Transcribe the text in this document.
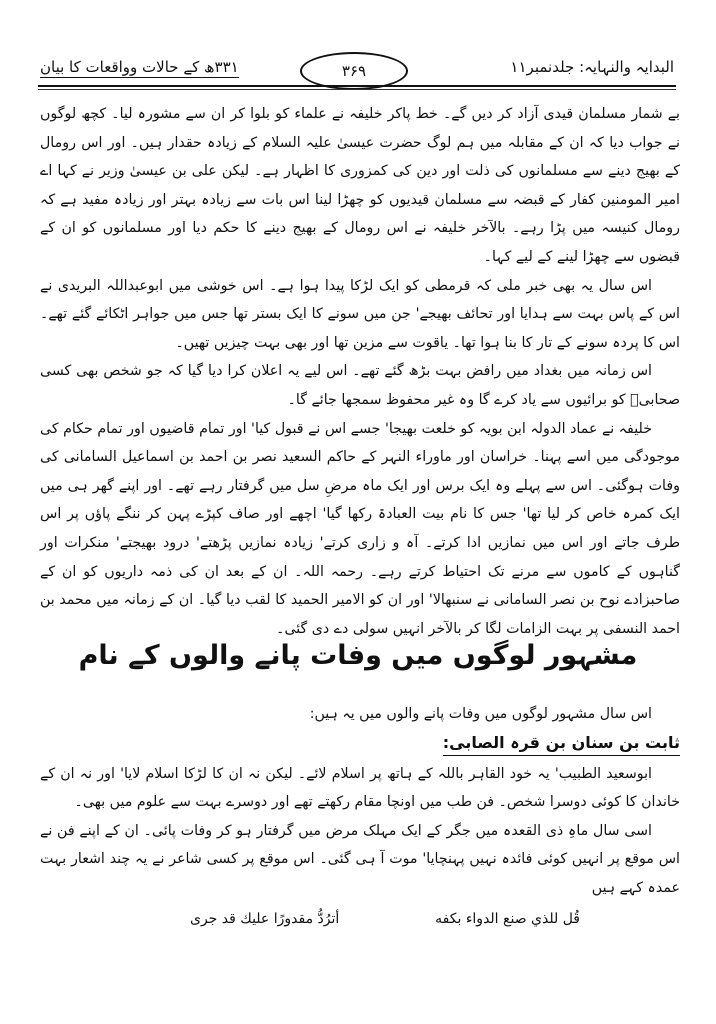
۳۳۱ھ کے حالات وواقعات کا بیان	۳۶۹	البدایہ والنہایہ: جلدنمبر۱۱

بے شمار مسلمان قیدی آزاد کر دیں گے۔ خط پاکر خلیفہ نے علماء کو بلوا کر ان سے مشورہ لیا۔ کچھ لوگوں نے جواب دیا کہ ان کے مقابلہ میں ہم لوگ حضرت عیسیٰ علیہ السلام کے زیادہ حقدار ہیں۔ اور اس رومال کے بھیج دینے سے مسلمانوں کی ذلت اور دین کی کمزوری کا اظہار ہے۔ لیکن علی بن عیسیٰ وزیر نے کہا اے امیر المومنین کفار کے قبضہ سے مسلمان قیدیوں کو چھڑا لینا اس بات سے زیادہ بہتر اور زیادہ مفید ہے کہ رومال کنیسہ میں پڑا رہے۔ بالآخر خلیفہ نے اس رومال کے بھیج دینے کا حکم دیا اور مسلمانوں کو ان کے قبضوں سے چھڑا لینے کے لیے کہا۔

اس سال یہ بھی خبر ملی کہ قرمطی کو ایک لڑکا پیدا ہوا ہے۔ اس خوشی میں ابوعبداللہ البریدی نے اس کے پاس بہت سے ہدایا اور تحائف بھیجے' جن میں سونے کا ایک بستر تھا جس میں جواہر اٹکائے گئے تھے۔ اس کا پردہ سونے کے تار کا بنا ہوا تھا۔ یاقوت سے مزین تھا اور بھی بہت چیزیں تھیں۔

اس زمانہ میں بغداد میں رافض بہت بڑھ گئے تھے۔ اس لیے یہ اعلان کرا دیا گیا کہ جو شخص بھی کسی صحابیؓ کو برائیوں سے یاد کرے گا وہ غیر محفوظ سمجھا جائے گا۔

خلیفہ نے عماد الدولہ ابن بویہ کو خلعت بھیجا' جسے اس نے قبول کیا' اور تمام قاضیوں اور تمام حکام کی موجودگی میں اسے پہنا۔ خراسان اور ماوراء النہر کے حاکم السعید نصر بن احمد بن اسماعیل السامانی کی وفات ہوگئی۔ اس سے پہلے وہ ایک برس اور ایک ماہ مرضِ سل میں گرفتار رہے تھے۔ اور اپنے گھر ہی میں ایک کمرہ خاص کر لیا تھا' جس کا نام بیت العبادۃ رکھا گیا' اچھے اور صاف کپڑے پہن کر ننگے پاؤں پر اس طرف جاتے اور اس میں نمازیں ادا کرتے۔ آہ و زاری کرتے' زیادہ نمازیں پڑھتے' درود بھیجتے' منکرات اور گناہوں کے کاموں سے مرنے تک احتیاط کرتے رہے۔ رحمہ اللہ۔ ان کے بعد ان کی ذمہ داریوں کو ان کے صاحبزادے نوح بن نصر السامانی نے سنبھالا' اور ان کو الامیر الحمید کا لقب دیا گیا۔ ان کے زمانہ میں محمد بن احمد النسفی پر بہت الزامات لگا کر بالآخر انہیں سولی دے دی گئی۔

مشہور لوگوں میں وفات پانے والوں کے نام

اس سال مشہور لوگوں میں وفات پانے والوں میں یہ ہیں:

ثابت بن سنان بن قرہ الصابی:

ابوسعید الطبیب' یہ خود القاہر باللہ کے ہاتھ پر اسلام لائے۔ لیکن نہ ان کا لڑکا اسلام لایا' اور نہ ان کے خاندان کا کوئی دوسرا شخص۔ فن طب میں اونچا مقام رکھتے تھے اور دوسرے بہت سے علوم میں بھی۔

اسی سال ماہِ ذی القعدہ میں جگر کے ایک مہلک مرض میں گرفتار ہو کر وفات پائی۔ ان کے اپنے فن نے اس موقع پر انہیں کوئی فائدہ نہیں پہنچایا' موت آ ہی گئی۔ اس موقع پر کسی شاعر نے یہ چند اشعار بہت عمدہ کہے ہیں

قُل للذي صنع الدواء بكفه
أترُدُّ مقدورًا عليك قد جرى
